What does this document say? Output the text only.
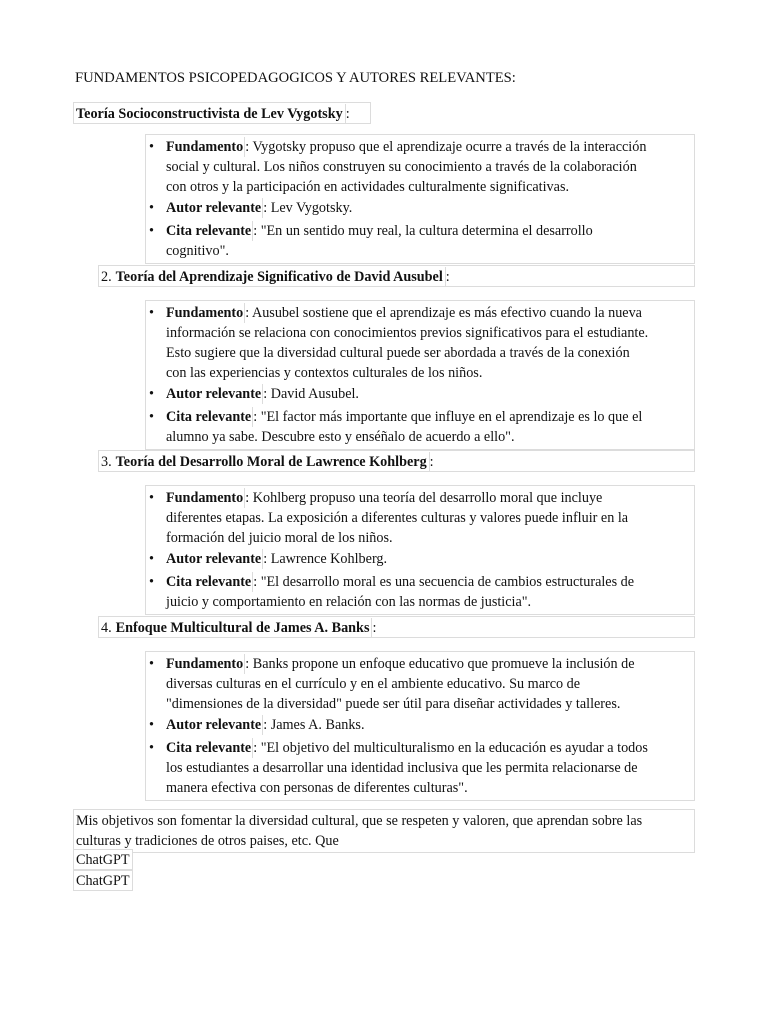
FUNDAMENTOS PSICOPEDAGOGICOS Y AUTORES RELEVANTES:
Teoría Socioconstructivista de Lev Vygotsky :
• Fundamento : Vygotsky propuso que el aprendizaje ocurre a través de la interacción
social y cultural. Los niños construyen su conocimiento a través de la colaboración
con otros y la participación en actividades culturalmente significativas.
• Autor relevante : Lev Vygotsky.
• Cita relevante : "En un sentido muy real, la cultura determina el desarrollo
cognitivo".
2. Teoría del Aprendizaje Significativo de David Ausubel :
• Fundamento : Ausubel sostiene que el aprendizaje es más efectivo cuando la nueva
información se relaciona con conocimientos previos significativos para el estudiante.
Esto sugiere que la diversidad cultural puede ser abordada a través de la conexión
con las experiencias y contextos culturales de los niños.
• Autor relevante : David Ausubel.
• Cita relevante : "El factor más importante que influye en el aprendizaje es lo que el
alumno ya sabe. Descubre esto y enséñalo de acuerdo a ello".
3. Teoría del Desarrollo Moral de Lawrence Kohlberg :
• Fundamento : Kohlberg propuso una teoría del desarrollo moral que incluye
diferentes etapas. La exposición a diferentes culturas y valores puede influir en la
formación del juicio moral de los niños.
• Autor relevante : Lawrence Kohlberg.
• Cita relevante : "El desarrollo moral es una secuencia de cambios estructurales de
juicio y comportamiento en relación con las normas de justicia".
4. Enfoque Multicultural de James A. Banks :
• Fundamento : Banks propone un enfoque educativo que promueve la inclusión de
diversas culturas en el currículo y en el ambiente educativo. Su marco de
"dimensiones de la diversidad" puede ser útil para diseñar actividades y talleres.
• Autor relevante : James A. Banks.
• Cita relevante : "El objetivo del multiculturalismo en la educación es ayudar a todos
los estudiantes a desarrollar una identidad inclusiva que les permita relacionarse de
manera efectiva con personas de diferentes culturas".
Mis objetivos son fomentar la diversidad cultural, que se respeten y valoren, que aprendan sobre las
culturas y tradiciones de otros paises, etc. Que
ChatGPT
ChatGPT
